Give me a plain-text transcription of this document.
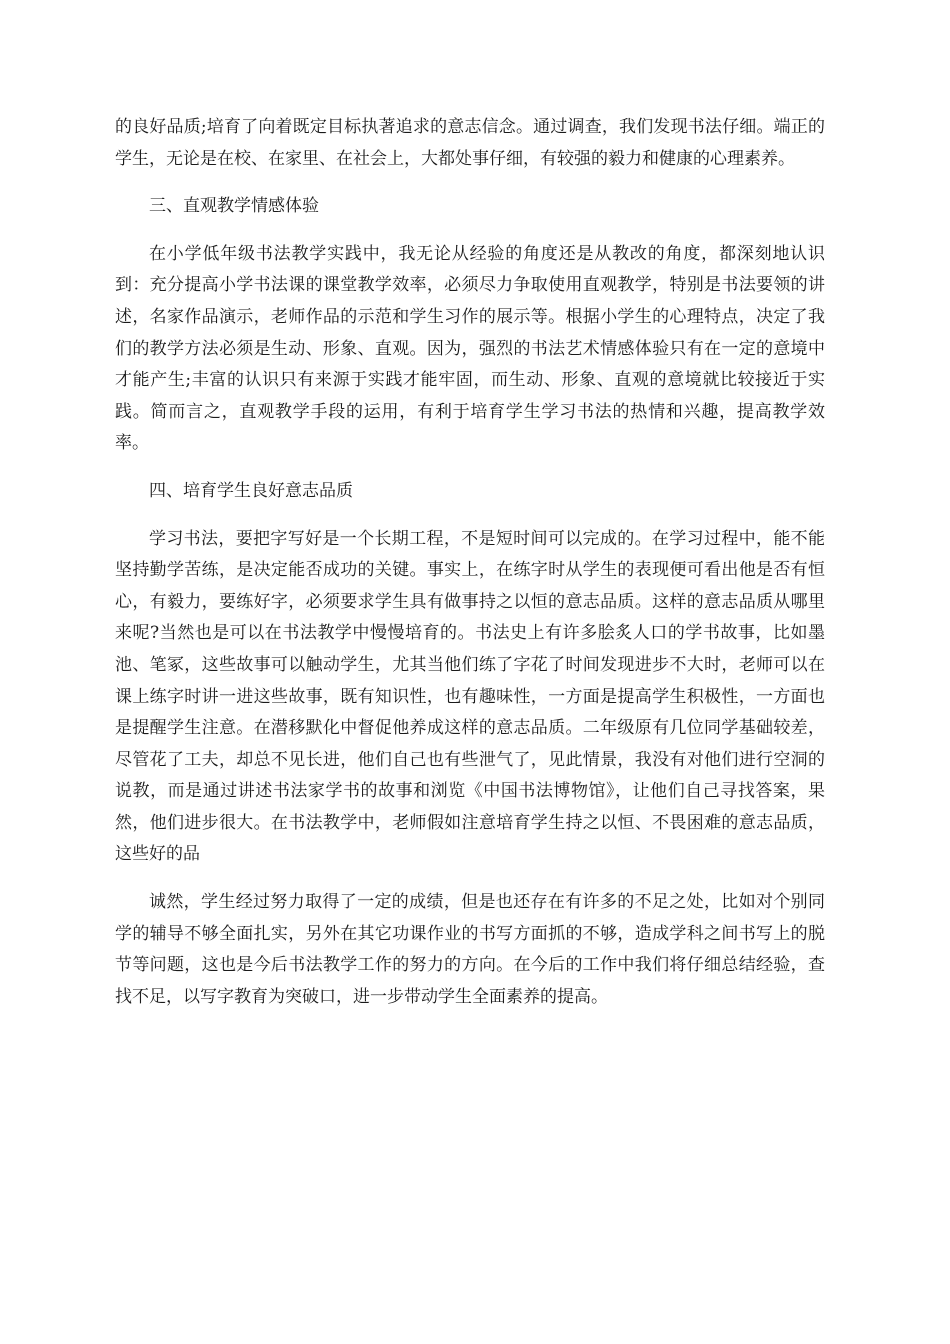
的良好品质;培育了向着既定目标执著追求的意志信念。通过调查，我们发现书法仔细。端正的学生，无论是在校、在家里、在社会上，大都处事仔细，有较强的毅力和健康的心理素养。

三、直观教学情感体验

在小学低年级书法教学实践中，我无论从经验的角度还是从教改的角度，都深刻地认识到：充分提高小学书法课的课堂教学效率，必须尽力争取使用直观教学，特别是书法要领的讲述，名家作品演示，老师作品的示范和学生习作的展示等。根据小学生的心理特点，决定了我们的教学方法必须是生动、形象、直观。因为，强烈的书法艺术情感体验只有在一定的意境中才能产生;丰富的认识只有来源于实践才能牢固，而生动、形象、直观的意境就比较接近于实践。简而言之，直观教学手段的运用，有利于培育学生学习书法的热情和兴趣，提高教学效率。

四、培育学生良好意志品质

学习书法，要把字写好是一个长期工程，不是短时间可以完成的。在学习过程中，能不能坚持勤学苦练，是决定能否成功的关键。事实上，在练字时从学生的表现便可看出他是否有恒心，有毅力，要练好字，必须要求学生具有做事持之以恒的意志品质。这样的意志品质从哪里来呢?当然也是可以在书法教学中慢慢培育的。书法史上有许多脍炙人口的学书故事，比如墨池、笔冢，这些故事可以触动学生，尤其当他们练了字花了时间发现进步不大时，老师可以在课上练字时讲一进这些故事，既有知识性，也有趣味性，一方面是提高学生积极性，一方面也是提醒学生注意。在潜移默化中督促他养成这样的意志品质。二年级原有几位同学基础较差，尽管花了工夫，却总不见长进，他们自己也有些泄气了，见此情景，我没有对他们进行空洞的说教，而是通过讲述书法家学书的故事和浏览《中国书法博物馆》，让他们自己寻找答案，果然，他们进步很大。在书法教学中，老师假如注意培育学生持之以恒、不畏困难的意志品质，这些好的品

诚然，学生经过努力取得了一定的成绩，但是也还存在有许多的不足之处，比如对个别同学的辅导不够全面扎实，另外在其它功课作业的书写方面抓的不够，造成学科之间书写上的脱节等问题，这也是今后书法教学工作的努力的方向。在今后的工作中我们将仔细总结经验，查找不足，以写字教育为突破口，进一步带动学生全面素养的提高。
